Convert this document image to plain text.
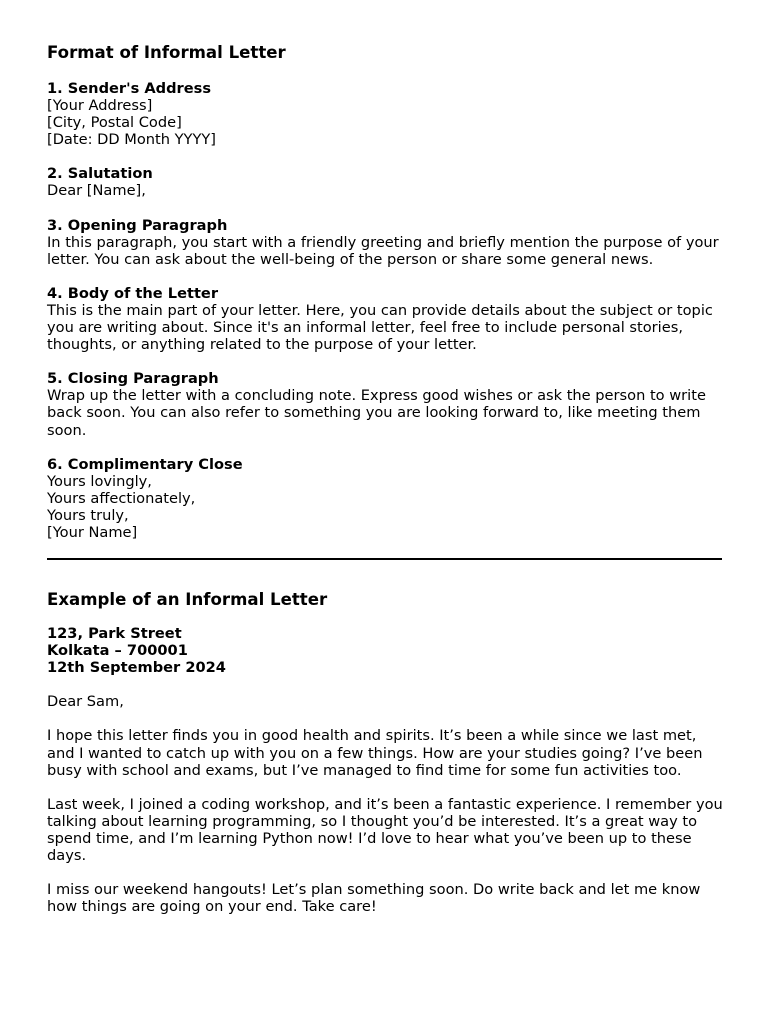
Format of Informal Letter
1. Sender's Address
[Your Address]
[City, Postal Code]
[Date: DD Month YYYY]
2. Salutation
Dear [Name],
3. Opening Paragraph
In this paragraph, you start with a friendly greeting and briefly mention the purpose of your letter. You can ask about the well-being of the person or share some general news.
4. Body of the Letter
This is the main part of your letter. Here, you can provide details about the subject or topic you are writing about. Since it's an informal letter, feel free to include personal stories, thoughts, or anything related to the purpose of your letter.
5. Closing Paragraph
Wrap up the letter with a concluding note. Express good wishes or ask the person to write back soon. You can also refer to something you are looking forward to, like meeting them soon.
6. Complimentary Close
Yours lovingly,
Yours affectionately,
Yours truly,
[Your Name]
Example of an Informal Letter
123, Park Street
Kolkata – 700001
12th September 2024
Dear Sam,
I hope this letter finds you in good health and spirits. It’s been a while since we last met, and I wanted to catch up with you on a few things. How are your studies going? I’ve been busy with school and exams, but I’ve managed to find time for some fun activities too.
Last week, I joined a coding workshop, and it’s been a fantastic experience. I remember you talking about learning programming, so I thought you’d be interested. It’s a great way to spend time, and I’m learning Python now! I’d love to hear what you’ve been up to these days.
I miss our weekend hangouts! Let’s plan something soon. Do write back and let me know how things are going on your end. Take care!
